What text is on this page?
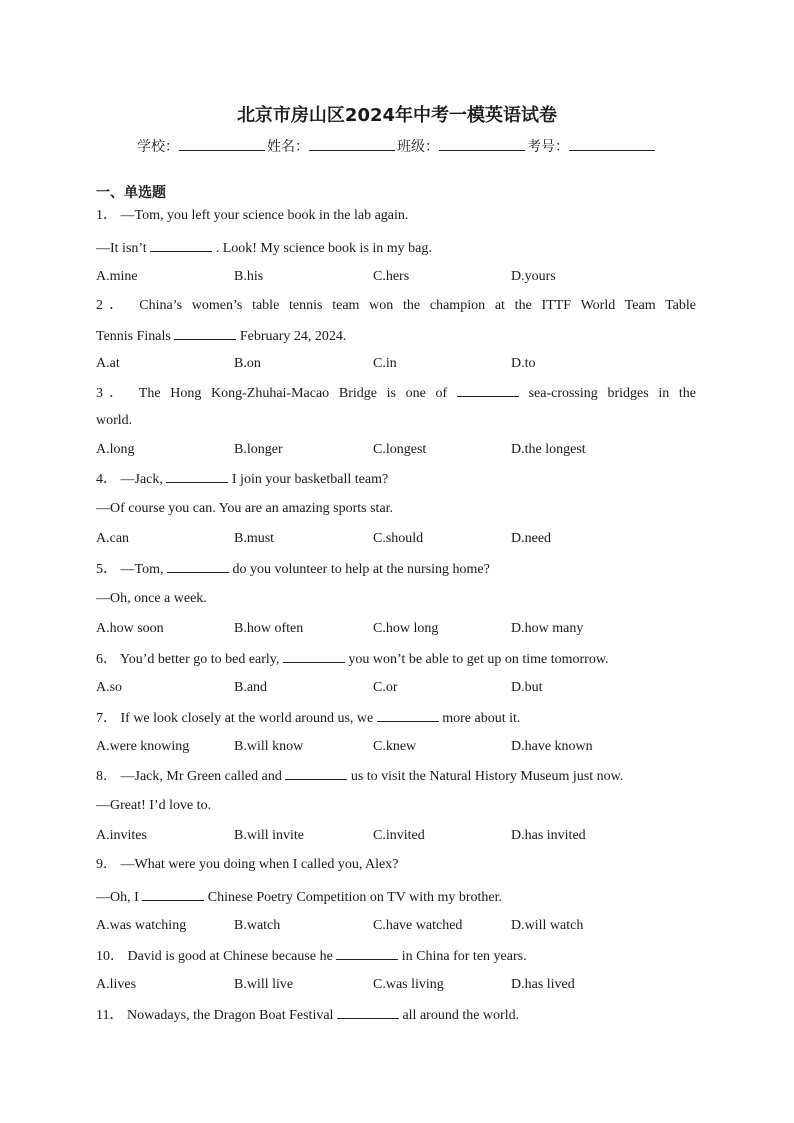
北京市房山区2024年中考一模英语试卷
学校：	姓名：	班级：	考号：
一、单选题
1． —Tom, you left your science book in the lab again.
—It isn’t	. Look! My science book is in my bag.
A.mine	B.his	C.hers	D.yours
2． China’s women’s table tennis team won the champion at the ITTF World Team Table
Tennis Finals	February 24, 2024.
A.at	B.on	C.in	D.to
3． The Hong Kong-Zhuhai-Macao Bridge is one of	sea-crossing bridges in the
world.
A.long	B.longer	C.longest	D.the longest
4． —Jack,	I join your basketball team?
—Of course you can. You are an amazing sports star.
A.can	B.must	C.should	D.need
5． —Tom,	do you volunteer to help at the nursing home?
—Oh, once a week.
A.how soon	B.how often	C.how long	D.how many
6． You’d better go to bed early,	you won’t be able to get up on time tomorrow.
A.so	B.and	C.or	D.but
7． If we look closely at the world around us, we	more about it.
A.were knowing	B.will know	C.knew	D.have known
8． —Jack, Mr Green called and	us to visit the Natural History Museum just now.
—Great! I’d love to.
A.invites	B.will invite	C.invited	D.has invited
9． —What were you doing when I called you, Alex?
—Oh, I	Chinese Poetry Competition on TV with my brother.
A.was watching	B.watch	C.have watched	D.will watch
10． David is good at Chinese because he	in China for ten years.
A.lives	B.will live	C.was living	D.has lived
11． Nowadays, the Dragon Boat Festival	all around the world.
